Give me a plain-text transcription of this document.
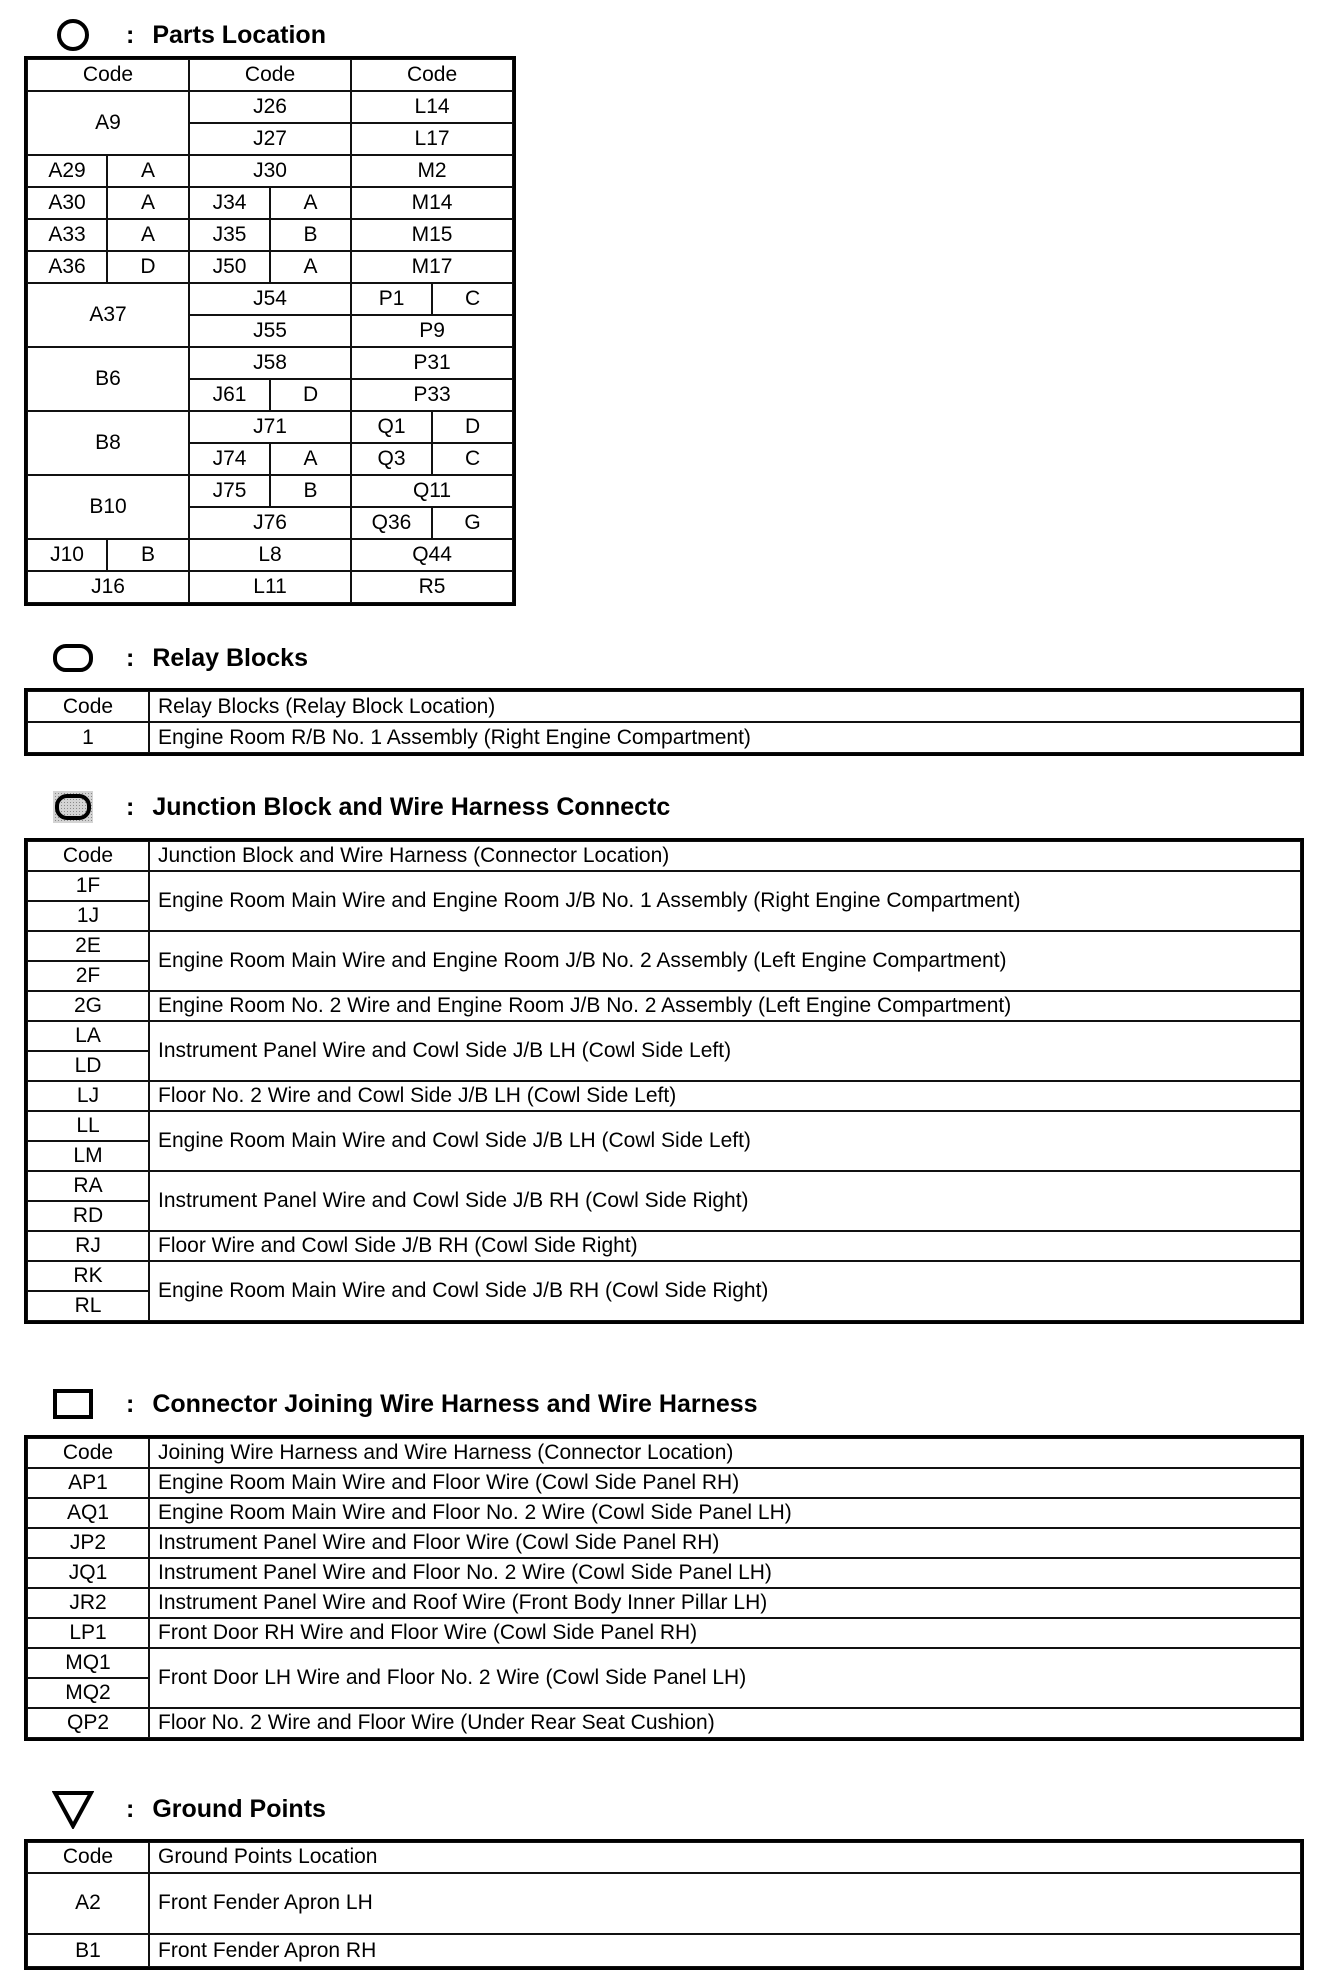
: Parts Location
Code		Code		Code	
A9		J26		L14	
		J27		L17	
A29	A	J30		M2	
A30	A	J34	A	M14	
A33	A	J35	B	M15	
A36	D	J50	A	M17	
A37		J54		P1	C
		J55		P9	
B6		J58		P31	
		J61	D	P33	
B8		J71		Q1	D
		J74	A	Q3	C
B10		J75	B	Q11	
		J76		Q36	G
J10	B	L8		Q44	
J16		L11		R5	
: Relay Blocks
Code	Relay Blocks (Relay Block Location)
1	Engine Room R/B No. 1 Assembly (Right Engine Compartment)
: Junction Block and Wire Harness Connectc
Code	Junction Block and Wire Harness (Connector Location)
1F	Engine Room Main Wire and Engine Room J/B No. 1 Assembly (Right Engine Compartment)
1J	
2E	Engine Room Main Wire and Engine Room J/B No. 2 Assembly (Left Engine Compartment)
2F	
2G	Engine Room No. 2 Wire and Engine Room J/B No. 2 Assembly (Left Engine Compartment)
LA	Instrument Panel Wire and Cowl Side J/B LH (Cowl Side Left)
LD	
LJ	Floor No. 2 Wire and Cowl Side J/B LH (Cowl Side Left)
LL	Engine Room Main Wire and Cowl Side J/B LH (Cowl Side Left)
LM	
RA	Instrument Panel Wire and Cowl Side J/B RH (Cowl Side Right)
RD	
RJ	Floor Wire and Cowl Side J/B RH (Cowl Side Right)
RK	Engine Room Main Wire and Cowl Side J/B RH (Cowl Side Right)
RL	
: Connector Joining Wire Harness and Wire Harness
Code	Joining Wire Harness and Wire Harness (Connector Location)
AP1	Engine Room Main Wire and Floor Wire (Cowl Side Panel RH)
AQ1	Engine Room Main Wire and Floor No. 2 Wire (Cowl Side Panel LH)
JP2	Instrument Panel Wire and Floor Wire (Cowl Side Panel RH)
JQ1	Instrument Panel Wire and Floor No. 2 Wire (Cowl Side Panel LH)
JR2	Instrument Panel Wire and Roof Wire (Front Body Inner Pillar LH)
LP1	Front Door RH Wire and Floor Wire (Cowl Side Panel RH)
MQ1	Front Door LH Wire and Floor No. 2 Wire (Cowl Side Panel LH)
MQ2	
QP2	Floor No. 2 Wire and Floor Wire (Under Rear Seat Cushion)
: Ground Points
Code	Ground Points Location
A2	Front Fender Apron LH
B1	Front Fender Apron RH
